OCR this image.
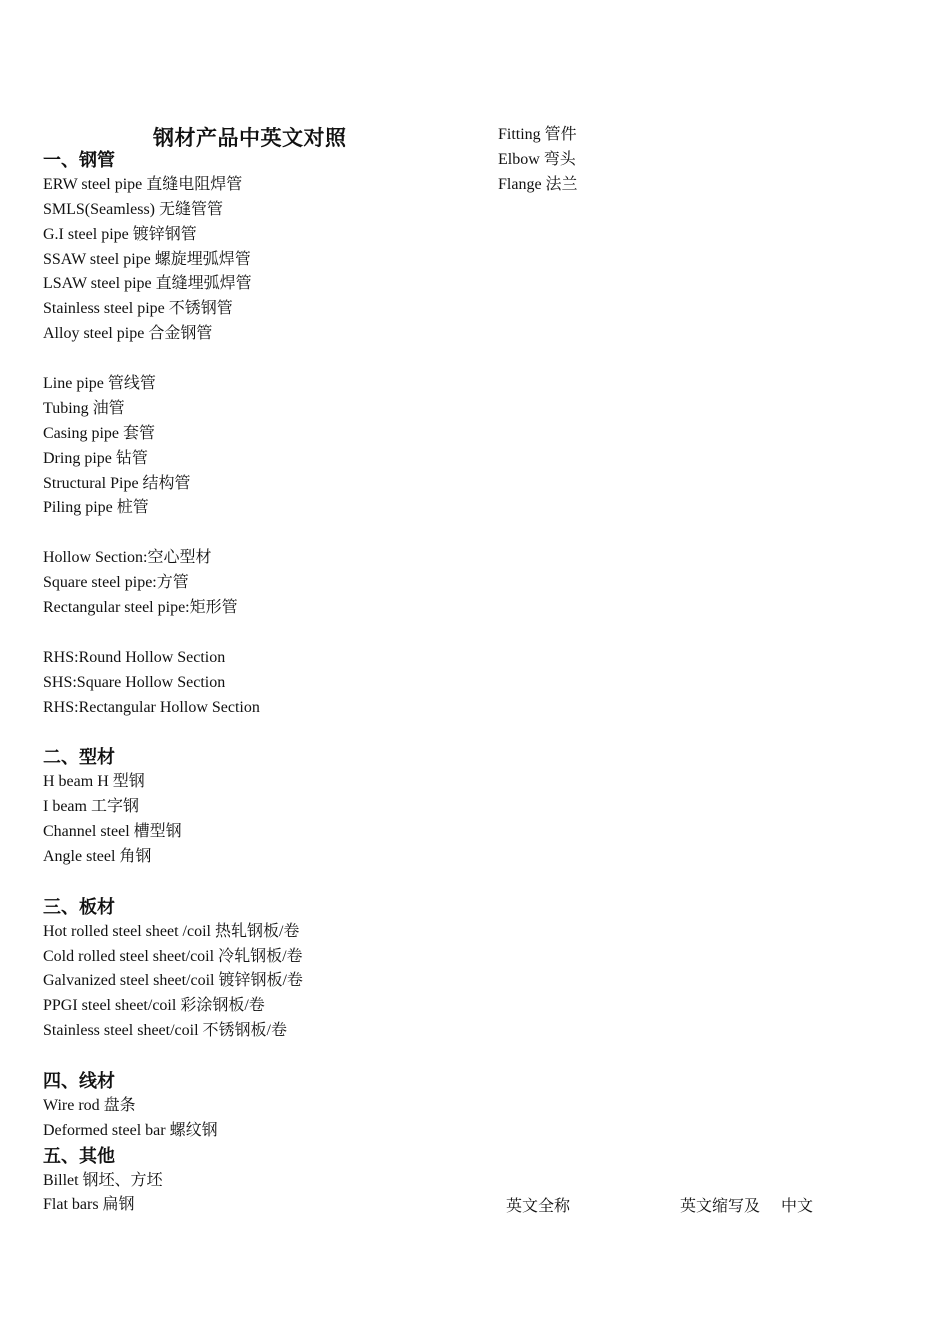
钢材产品中英文对照
一、钢管
ERW steel pipe 直缝电阻焊管
SMLS(Seamless) 无缝管管
G.I steel pipe 镀锌钢管
SSAW steel pipe 螺旋埋弧焊管
LSAW steel pipe 直缝埋弧焊管
Stainless steel pipe 不锈钢管
Alloy steel pipe 合金钢管
Line pipe 管线管
Tubing 油管
Casing pipe 套管
Dring pipe 钻管
Structural Pipe 结构管
Piling pipe 桩管
Hollow Section:空心型材
Square steel pipe:方管
Rectangular steel pipe:矩形管
RHS:Round Hollow Section
SHS:Square Hollow Section
RHS:Rectangular Hollow Section
二、型材
H beam H 型钢
I beam 工字钢
Channel steel 槽型钢
Angle steel 角钢
三、板材
Hot rolled steel sheet /coil 热轧钢板/卷
Cold rolled steel sheet/coil 冷轧钢板/卷
Galvanized steel sheet/coil 镀锌钢板/卷
PPGI steel sheet/coil 彩涂钢板/卷
Stainless steel sheet/coil 不锈钢板/卷
四、线材
Wire rod 盘条
Deformed steel bar 螺纹钢
五、其他
Billet 钢坯、方坯
Flat bars 扁钢
Fitting 管件
Elbow 弯头
Flange 法兰
英文全称	英文缩写及 中文
